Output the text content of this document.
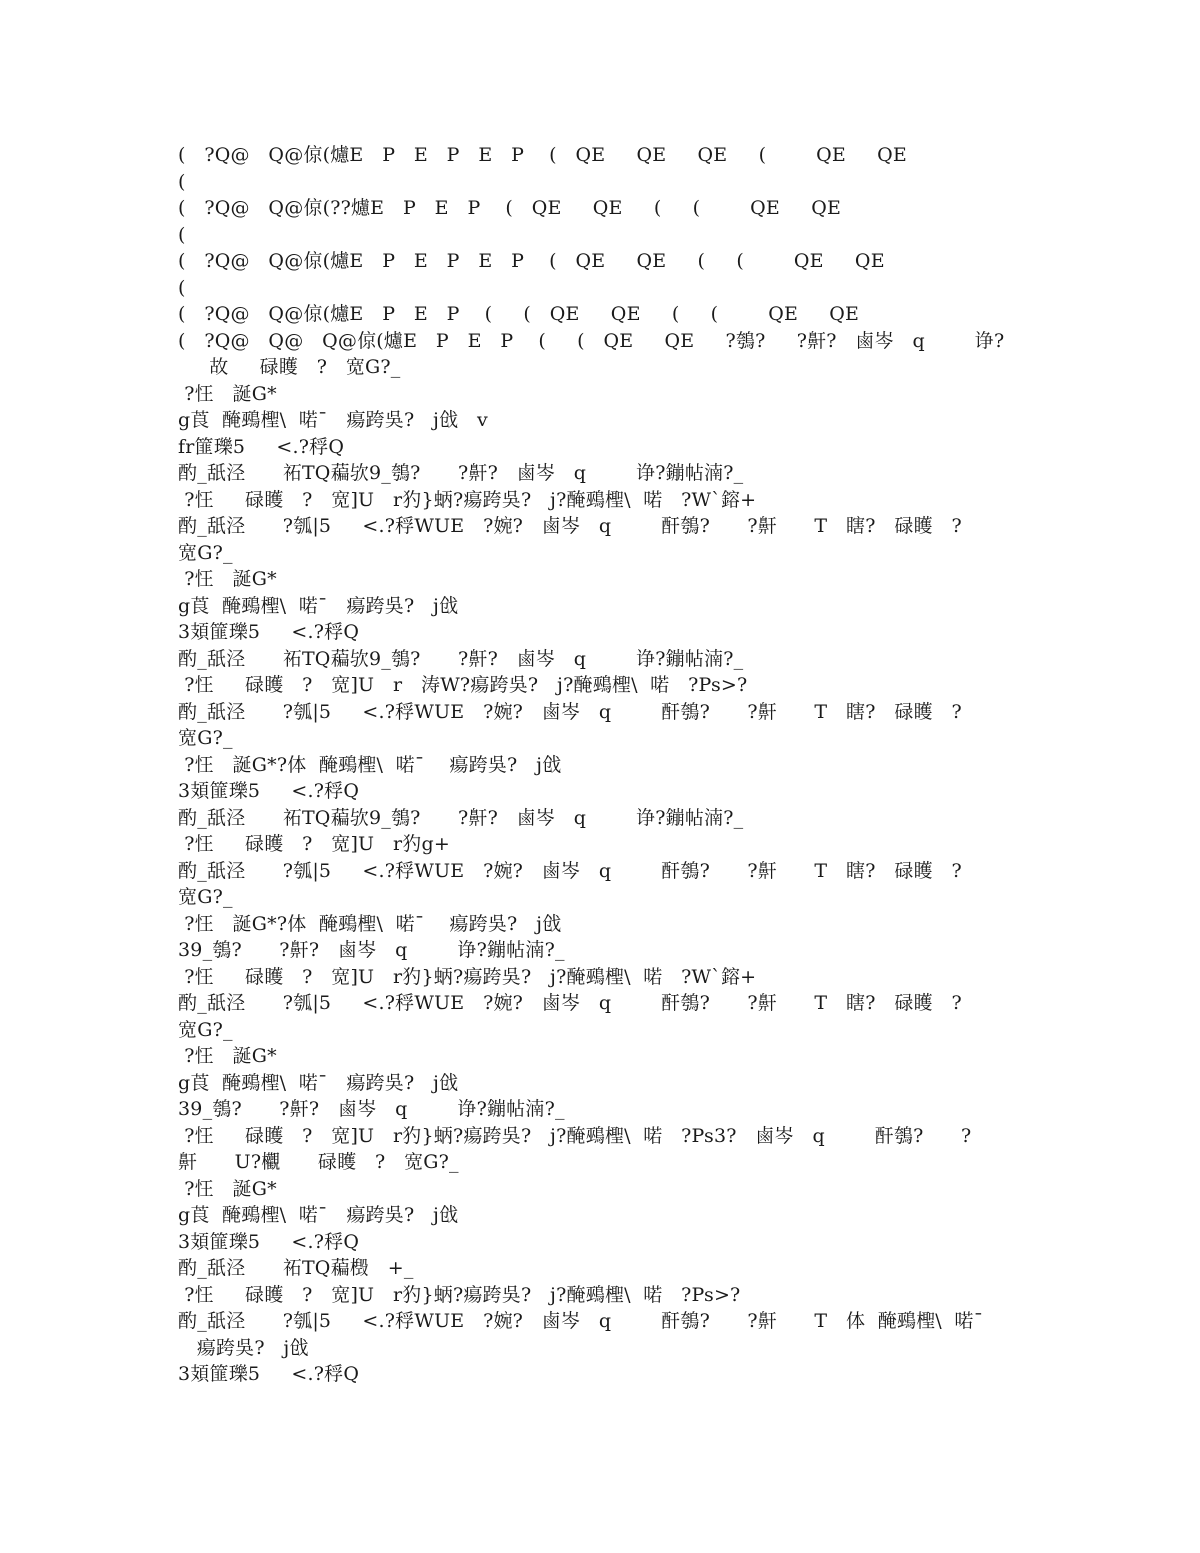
(   ?Q@   Q@倞(爈E   P   E   P   E   P    (   QE     QE     QE     (        QE     QE
(
(   ?Q@   Q@倞(??爈E   P   E   P    (   QE     QE     (     (        QE     QE
(
(   ?Q@   Q@倞(爈E   P   E   P   E   P    (   QE     QE     (     (        QE     QE
(
(   ?Q@   Q@倞(爈E   P   E   P    (     (   QE     QE     (     (        QE     QE
(   ?Q@   Q@   Q@倞(爈E   P   E   P    (     (   QE     QE     ?鴮?     ?鼾?   鹵岑   q        诤?
故     碌矆   ?   宽G?_
?忹   誕G*
g莨  醃鵐檉\  喏¯   瘍跨吳?   j戗   v
fr篚瓅5     <.?稃Q
酌_舐泾      祏TQ藊欤9_鴮?      ?鼾?   鹵岑   q        诤?鏰帖湳?_
?忹     碌矆   ?   宽]U   r犳}蛃?瘍跨吳?   j?醃鵐檉\  喏   ?W`鎔+
酌_舐泾      ?瓠|5     <.?稃WUE   ?婉?   鹵岑   q        酐鴮?      ?鼾      T   瞎?   碌矆   ?
宽G?_
?忹   誕G*
g莨  醃鵐檉\  喏¯   瘍跨吳?   j戗
3頍篚瓅5     <.?稃Q
酌_舐泾      祏TQ藊欤9_鴮?      ?鼾?   鹵岑   q        诤?鏰帖湳?_
?忹     碌矆   ?   宽]U   r   涛W?瘍跨吳?   j?醃鵐檉\  喏   ?Ps>?
酌_舐泾      ?瓠|5     <.?稃WUE   ?婉?   鹵岑   q        酐鴮?      ?鼾      T   瞎?   碌矆   ?
宽G?_
?忹   誕G*?体  醃鵐檉\  喏¯    瘍跨吳?   j戗
3頍篚瓅5     <.?稃Q
酌_舐泾      祏TQ藊欤9_鴮?      ?鼾?   鹵岑   q        诤?鏰帖湳?_
?忹     碌矆   ?   宽]U   r犳g+
酌_舐泾      ?瓠|5     <.?稃WUE   ?婉?   鹵岑   q        酐鴮?      ?鼾      T   瞎?   碌矆   ?
宽G?_
?忹   誕G*?体  醃鵐檉\  喏¯    瘍跨吳?   j戗
39_鴮?      ?鼾?   鹵岑   q        诤?鏰帖湳?_
?忹     碌矆   ?   宽]U   r犳}蛃?瘍跨吳?   j?醃鵐檉\  喏   ?W`鎔+
酌_舐泾      ?瓠|5     <.?稃WUE   ?婉?   鹵岑   q        酐鴮?      ?鼾      T   瞎?   碌矆   ?
宽G?_
?忹   誕G*
g莨  醃鵐檉\  喏¯   瘍跨吳?   j戗
39_鴮?      ?鼾?   鹵岑   q        诤?鏰帖湳?_
?忹     碌矆   ?   宽]U   r犳}蛃?瘍跨吳?   j?醃鵐檉\  喏   ?Ps3?   鹵岑   q        酐鴮?      ?
鼾      U?欟      碌矆   ?   宽G?_
?忹   誕G*
g莨  醃鵐檉\  喏¯   瘍跨吳?   j戗
3頍篚瓅5     <.?稃Q
酌_舐泾      祏TQ藊檓   +_
?忹     碌矆   ?   宽]U   r犳}蛃?瘍跨吳?   j?醃鵐檉\  喏   ?Ps>?
酌_舐泾      ?瓠|5     <.?稃WUE   ?婉?   鹵岑   q        酐鴮?      ?鼾      T   体  醃鵐檉\  喏¯
瘍跨吳?   j戗
3頍篚瓅5     <.?稃Q
